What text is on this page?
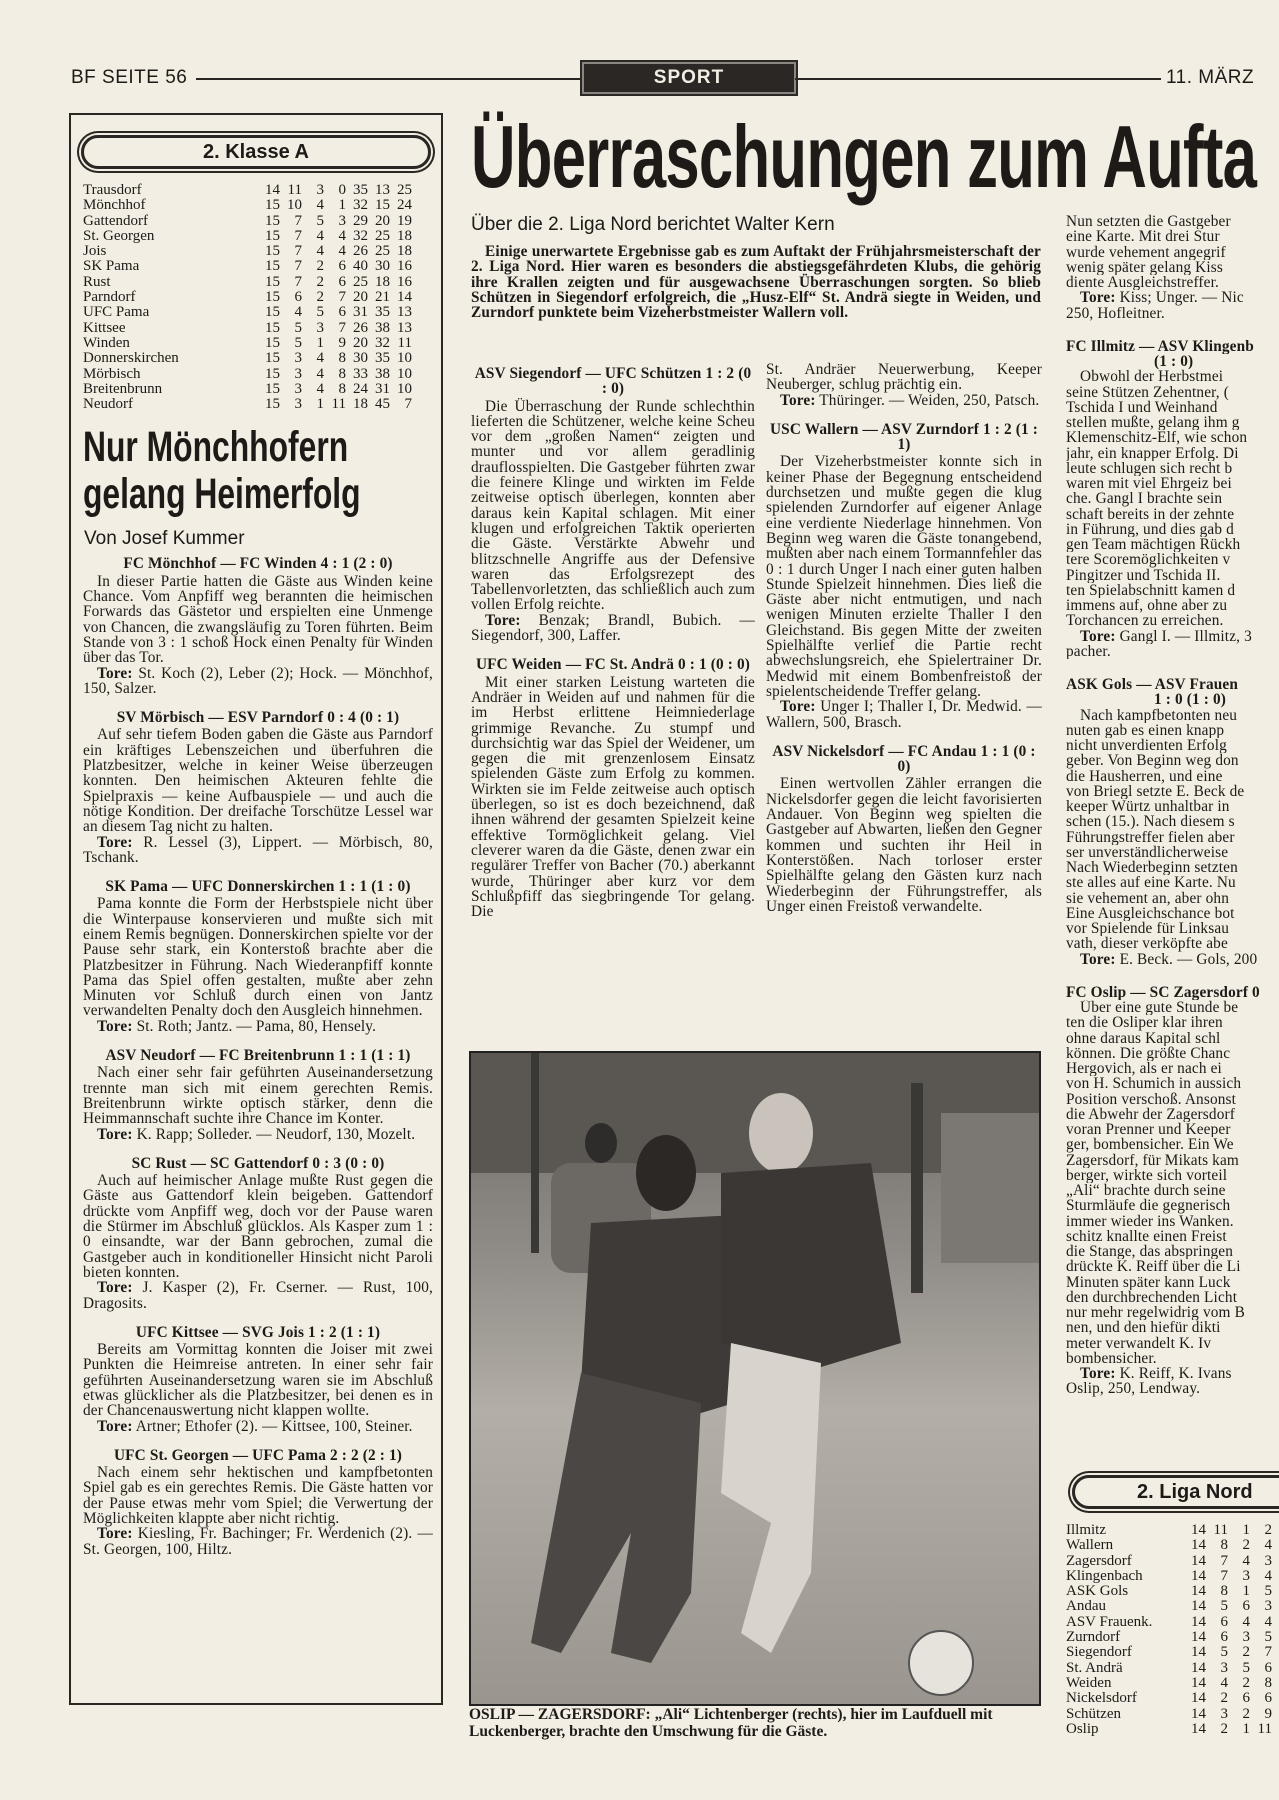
BF SEITE 56	SPORT	11. MÄRZ
2. Klasse A
Trausdorf	14	11	3	0	35	13	25
Mönchhof	15	10	4	1	32	15	24
Gattendorf	15	7	5	3	29	20	19
St. Georgen	15	7	4	4	32	25	18
Jois	15	7	4	4	26	25	18
SK Pama	15	7	2	6	40	30	16
Rust	15	7	2	6	25	18	16
Parndorf	15	6	2	7	20	21	14
UFC Pama	15	4	5	6	31	35	13
Kittsee	15	5	3	7	26	38	13
Winden	15	5	1	9	20	32	11
Donnerskirchen	15	3	4	8	30	35	10
Mörbisch	15	3	4	8	33	38	10
Breitenbrunn	15	3	4	8	24	31	10
Neudorf	15	3	1	11	18	45	7
Nur Mönchhofern
gelang Heimerfolg
Von Josef Kummer
FC Mönchhof — FC Winden 4 : 1 (2 : 0)

In dieser Partie hatten die Gäste aus Winden keine Chance. Vom Anpfiff weg berannten die heimischen Forwards das Gästetor und erspielten eine Unmenge von Chancen, die zwangsläufig zu Toren führten. Beim Stande von 3 : 1 schoß Hock einen Penalty für Winden über das Tor.

Tore: St. Koch (2), Leber (2); Hock. — Mönchhof, 150, Salzer.

SV Mörbisch — ESV Parndorf 0 : 4 (0 : 1)

Auf sehr tiefem Boden gaben die Gäste aus Parndorf ein kräftiges Lebenszeichen und überfuhren die Platzbesitzer, welche in keiner Weise überzeugen konnten. Den heimischen Akteuren fehlte die Spielpraxis — keine Aufbauspiele — und auch die nötige Kondition. Der dreifache Torschütze Lessel war an diesem Tag nicht zu halten.

Tore: R. Lessel (3), Lippert. — Mörbisch, 80, Tschank.

SK Pama — UFC Donnerskirchen 1 : 1 (1 : 0)

Pama konnte die Form der Herbstspiele nicht über die Winterpause konservieren und mußte sich mit einem Remis begnügen. Donnerskirchen spielte vor der Pause sehr stark, ein Konterstoß brachte aber die Platzbesitzer in Führung. Nach Wiederanpfiff konnte Pama das Spiel offen gestalten, mußte aber zehn Minuten vor Schluß durch einen von Jantz verwandelten Penalty doch den Ausgleich hinnehmen.

Tore: St. Roth; Jantz. — Pama, 80, Hensely.

ASV Neudorf — FC Breitenbrunn 1 : 1 (1 : 1)

Nach einer sehr fair geführten Auseinandersetzung trennte man sich mit einem gerechten Remis. Breitenbrunn wirkte optisch stärker, denn die Heimmannschaft suchte ihre Chance im Konter.

Tore: K. Rapp; Solleder. — Neudorf, 130, Mozelt.

SC Rust — SC Gattendorf 0 : 3 (0 : 0)

Auch auf heimischer Anlage mußte Rust gegen die Gäste aus Gattendorf klein beigeben. Gattendorf drückte vom Anpfiff weg, doch vor der Pause waren die Stürmer im Abschluß glücklos. Als Kasper zum 1 : 0 einsandte, war der Bann gebrochen, zumal die Gastgeber auch in konditioneller Hinsicht nicht Paroli bieten konnten.

Tore: J. Kasper (2), Fr. Cserner. — Rust, 100, Dragosits.

UFC Kittsee — SVG Jois 1 : 2 (1 : 1)

Bereits am Vormittag konnten die Joiser mit zwei Punkten die Heimreise antreten. In einer sehr fair geführten Auseinandersetzung waren sie im Abschluß etwas glücklicher als die Platzbesitzer, bei denen es in der Chancenauswertung nicht klappen wollte.

Tore: Artner; Ethofer (2). — Kittsee, 100, Steiner.

UFC St. Georgen — UFC Pama 2 : 2 (2 : 1)

Nach einem sehr hektischen und kampfbetonten Spiel gab es ein gerechtes Remis. Die Gäste hatten vor der Pause etwas mehr vom Spiel; die Verwertung der Möglichkeiten klappte aber nicht richtig.

Tore: Kiesling, Fr. Bachinger; Fr. Werdenich (2). — St. Georgen, 100, Hiltz.

Überraschungen zum Aufta
Über die 2. Liga Nord berichtet Walter Kern

Einige unerwartete Ergebnisse gab es zum Auftakt der Frühjahrsmeisterschaft der 2. Liga Nord. Hier waren es besonders die abstiegsgefährdeten Klubs, die gehörig ihre Krallen zeigten und für ausgewachsene Überraschungen sorgten. So blieb Schützen in Siegendorf erfolgreich, die „Husz-Elf“ St. Andrä siegte in Weiden, und Zurndorf punktete beim Vizeherbstmeister Wallern voll.

ASV Siegendorf — UFC Schützen 1 : 2 (0 : 0)

Die Überraschung der Runde schlechthin lieferten die Schützener, welche keine Scheu vor dem „großen Namen“ zeigten und munter und vor allem geradlinig drauflosspielten. Die Gastgeber führten zwar die feinere Klinge und wirkten im Felde zeitweise optisch überlegen, konnten aber daraus kein Kapital schlagen. Mit einer klugen und erfolgreichen Taktik operierten die Gäste. Verstärkte Abwehr und blitzschnelle Angriffe aus der Defensive waren das Erfolgsrezept des Tabellenvorletzten, das schließlich auch zum vollen Erfolg reichte.

Tore: Benzak; Brandl, Bubich. — Siegendorf, 300, Laffer.

UFC Weiden — FC St. Andrä 0 : 1 (0 : 0)

Mit einer starken Leistung warteten die Andräer in Weiden auf und nahmen für die im Herbst erlittene Heimniederlage grimmige Revanche. Zu stumpf und durchsichtig war das Spiel der Weidener, um gegen die mit grenzenlosem Einsatz spielenden Gäste zum Erfolg zu kommen. Wirkten sie im Felde zeitweise auch optisch überlegen, so ist es doch bezeichnend, daß ihnen während der gesamten Spielzeit keine effektive Tormöglichkeit gelang. Viel cleverer waren da die Gäste, denen zwar ein regulärer Treffer von Bacher (70.) aberkannt wurde, Thüringer aber kurz vor dem Schlußpfiff das siegbringende Tor gelang. Die

St. Andräer Neuerwerbung, Keeper Neuberger, schlug prächtig ein.

Tore: Thüringer. — Weiden, 250, Patsch.

USC Wallern — ASV Zurndorf 1 : 2 (1 : 1)

Der Vizeherbstmeister konnte sich in keiner Phase der Begegnung entscheidend durchsetzen und mußte gegen die klug spielenden Zurndorfer auf eigener Anlage eine verdiente Niederlage hinnehmen. Von Beginn weg waren die Gäste tonangebend, mußten aber nach einem Tormannfehler das 0 : 1 durch Unger I nach einer guten halben Stunde Spielzeit hinnehmen. Dies ließ die Gäste aber nicht entmutigen, und nach wenigen Minuten erzielte Thaller I den Gleichstand. Bis gegen Mitte der zweiten Spielhälfte verlief die Partie recht abwechslungsreich, ehe Spielertrainer Dr. Medwid mit einem Bombenfreistoß der spielentscheidende Treffer gelang.

Tore: Unger I; Thaller I, Dr. Medwid. — Wallern, 500, Brasch.

ASV Nickelsdorf — FC Andau 1 : 1 (0 : 0)

Einen wertvollen Zähler errangen die Nickelsdorfer gegen die leicht favorisierten Andauer. Von Beginn weg spielten die Gastgeber auf Abwarten, ließen den Gegner kommen und suchten ihr Heil in Konterstößen. Nach torloser erster Spielhälfte gelang den Gästen kurz nach Wiederbeginn der Führungstreffer, als Unger einen Freistoß verwandelte.

OSLIP — ZAGERSDORF: „Ali“ Lichtenberger (rechts), hier im Laufduell mit Luckenberger, brachte den Umschwung für die Gäste.
Nun setzten die Gastgeber
eine Karte. Mit drei Stur
wurde vehement angegrif
wenig später gelang Kiss
diente Ausgleichstreffer.
Tore: Kiss; Unger. — Nic
250, Hofleitner.
FC Illmitz — ASV Klingenb
(1 : 0)
Obwohl der Herbstmei
seine Stützen Zehentner, (
Tschida I und Weinhand
stellen mußte, gelang ihm g
Klemenschitz-Elf, wie schon
jahr, ein knapper Erfolg. Di
leute schlugen sich recht b
waren mit viel Ehrgeiz bei
che. Gangl I brachte sein
schaft bereits in der zehnte
in Führung, und dies gab d
gen Team mächtigen Rückh
tere Scoremöglichkeiten v
Pingitzer und Tschida II.
ten Spielabschnitt kamen d
immens auf, ohne aber zu
Torchancen zu erreichen.
Tore: Gangl I. — Illmitz, 3
pacher.
ASK Gols — ASV Frauen
1 : 0 (1 : 0)
Nach kampfbetonten neu
nuten gab es einen knapp
nicht unverdienten Erfolg
geber. Von Beginn weg don
die Hausherren, und eine
von Briegl setzte E. Beck de
keeper Würtz unhaltbar in
schen (15.). Nach diesem s
Führungstreffer fielen aber
ser unverständlicherweise
Nach Wiederbeginn setzten
ste alles auf eine Karte. Nu
sie vehement an, aber ohn
Eine Ausgleichschance bot
vor Spielende für Linksau
vath, dieser verköpfte abe
Tore: E. Beck. — Gols, 200
FC Oslip — SC Zagersdorf 0
Über eine gute Stunde be
ten die Osliper klar ihren
ohne daraus Kapital schl
können. Die größte Chanc
Hergovich, als er nach ei
von H. Schumich in aussich
Position verschoß. Ansonst
die Abwehr der Zagersdorf
voran Prenner und Keeper
ger, bombensicher. Ein We
Zagersdorf, für Mikats kam
berger, wirkte sich vorteil
„Ali“ brachte durch seine
Sturmläufe die gegnerisch
immer wieder ins Wanken.
schitz knallte einen Freist
die Stange, das abspringen
drückte K. Reiff über die Li
Minuten später kann Luck
den durchbrechenden Licht
nur mehr regelwidrig vom B
nen, und den hiefür dikti
meter verwandelt K. Iv
bombensicher.
Tore: K. Reiff, K. Ivans
Oslip, 250, Lendway.
2. Liga Nord
Illmitz	14	11	1	2
Wallern	14	8	2	4
Zagersdorf	14	7	4	3
Klingenbach	14	7	3	4
ASK Gols	14	8	1	5
Andau	14	5	6	3
ASV Frauenk.	14	6	4	4
Zurndorf	14	6	3	5
Siegendorf	14	5	2	7
St. Andrä	14	3	5	6
Weiden	14	4	2	8
Nickelsdorf	14	2	6	6
Schützen	14	3	2	9
Oslip	14	2	1	11
